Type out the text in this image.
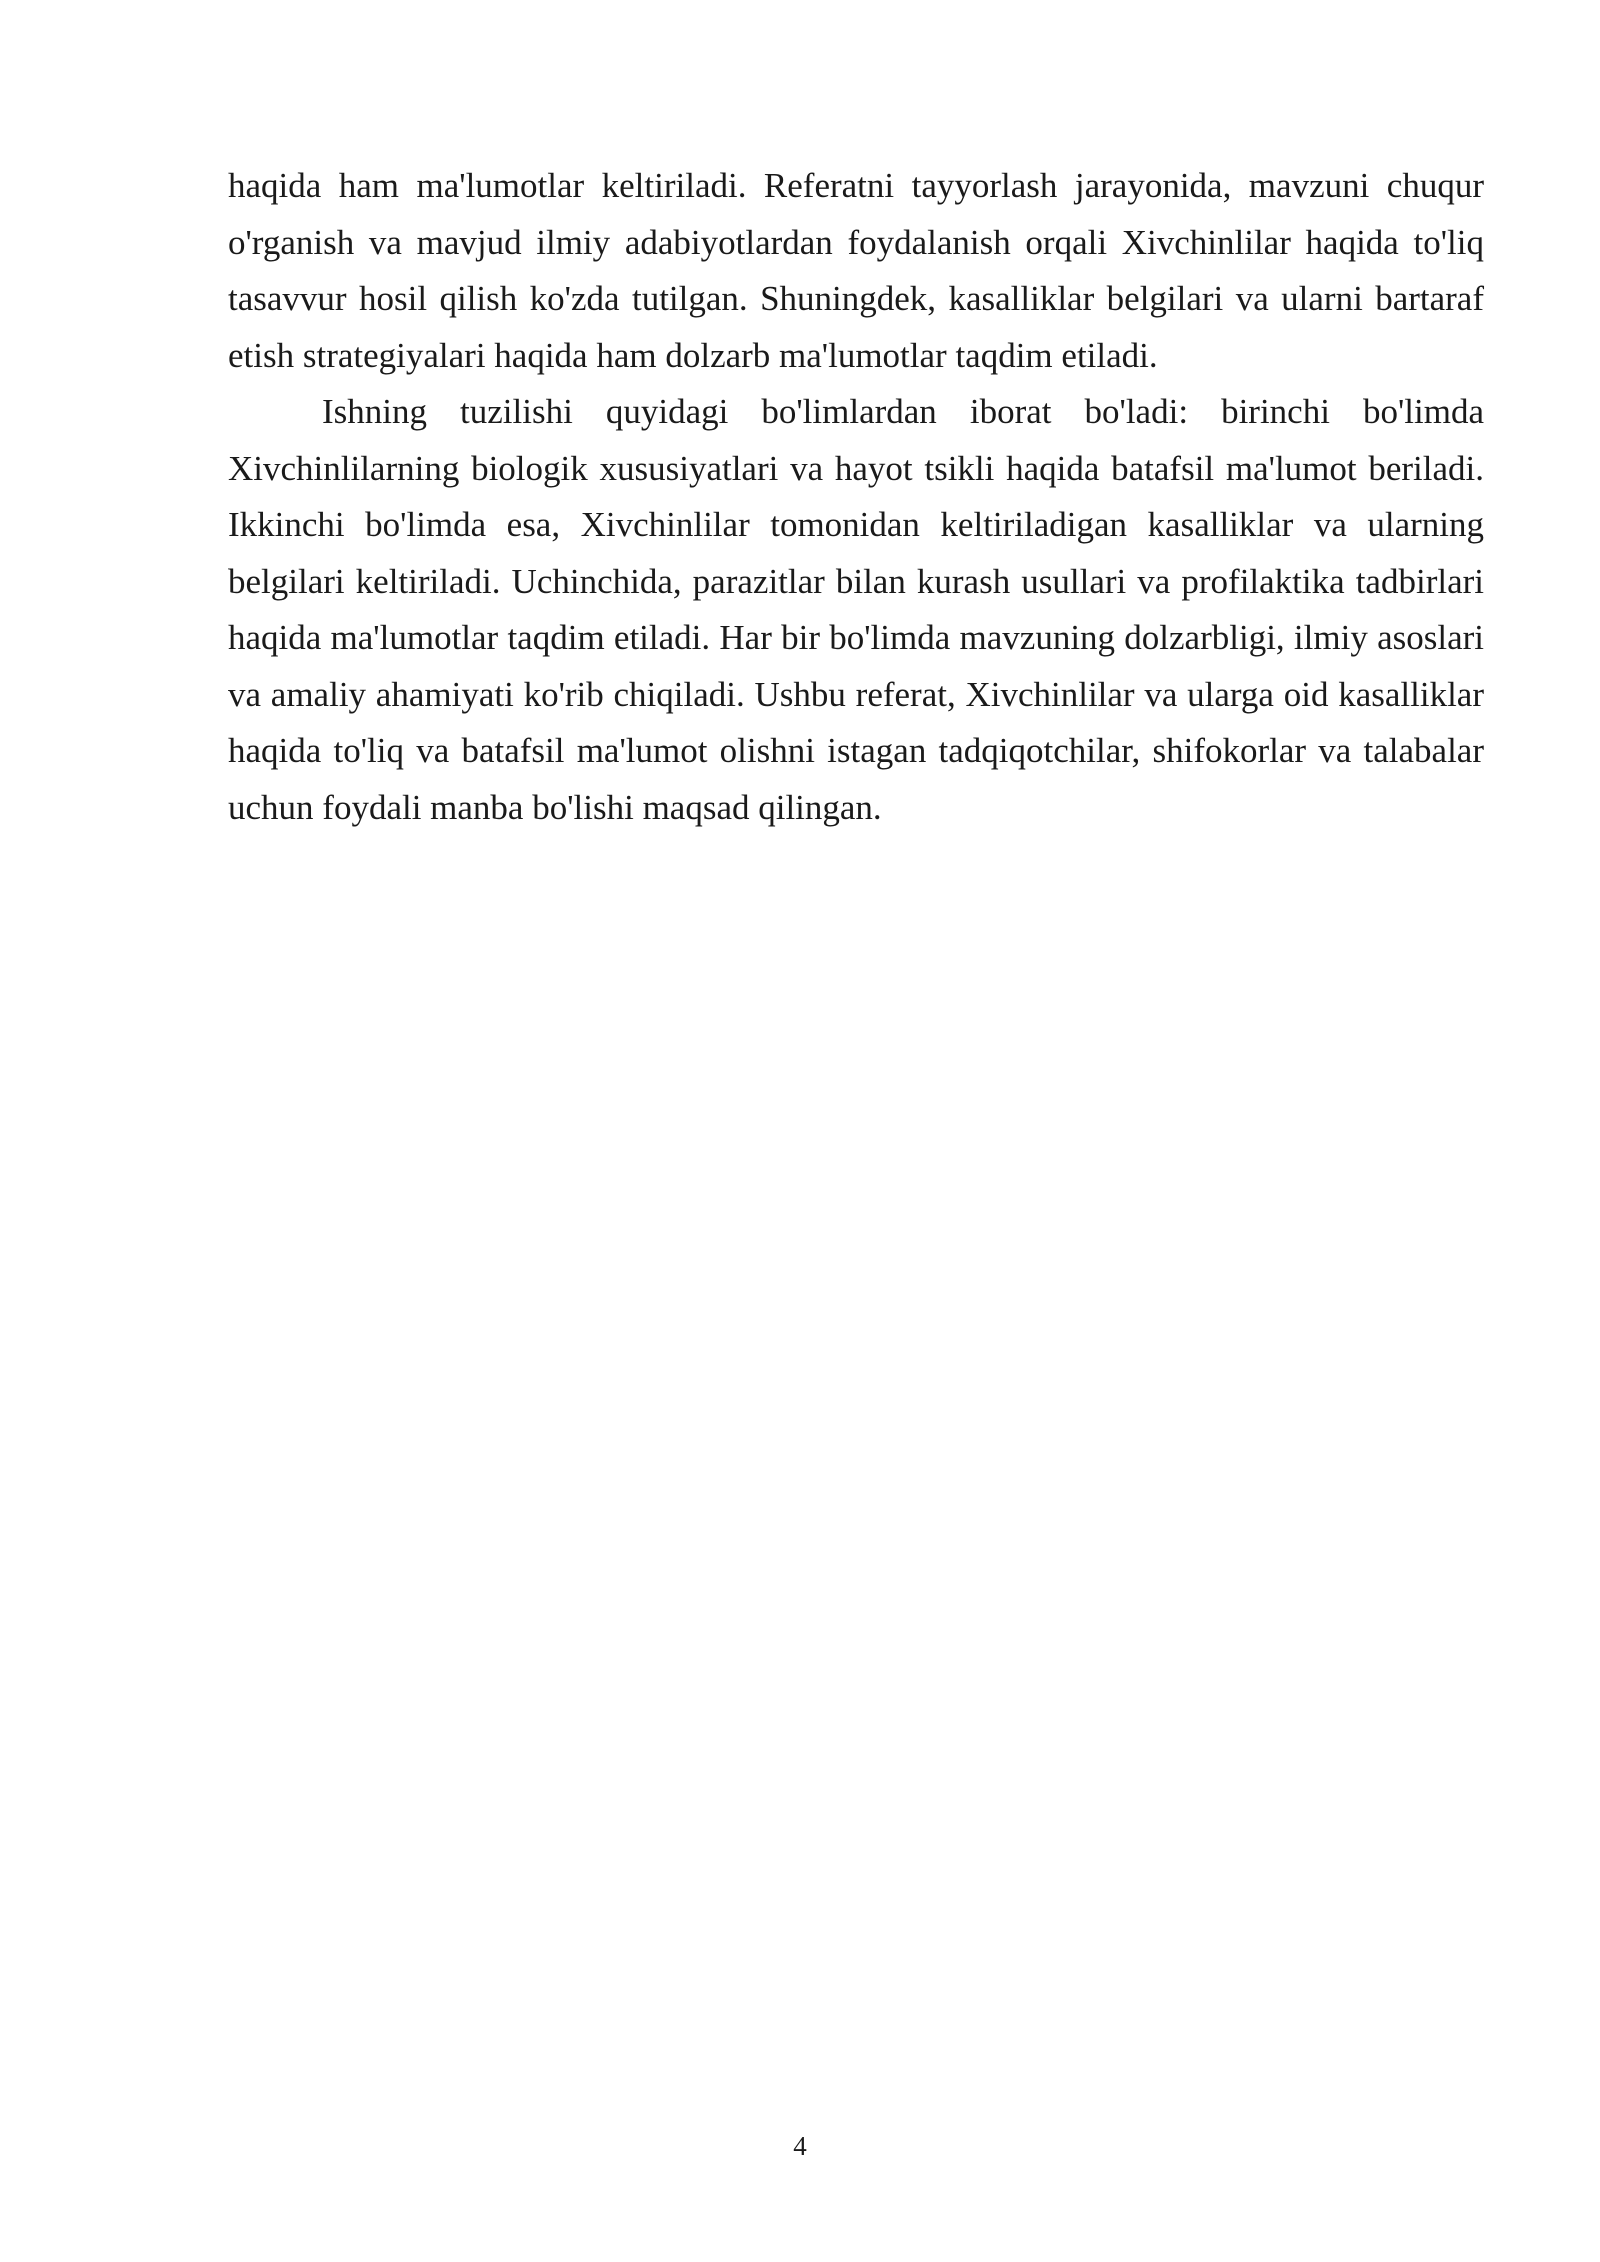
haqida ham ma'lumotlar keltiriladi. Referatni tayyorlash jarayonida, mavzuni chuqur o'rganish va mavjud ilmiy adabiyotlardan foydalanish orqali Xivchinlilar haqida to'liq tasavvur hosil qilish ko'zda tutilgan. Shuningdek, kasalliklar belgilari va ularni bartaraf etish strategiyalari haqida ham dolzarb ma'lumotlar taqdim etiladi.

Ishning tuzilishi quyidagi bo'limlardan iborat bo'ladi: birinchi bo'limda Xivchinlilarning biologik xususiyatlari va hayot tsikli haqida batafsil ma'lumot beriladi. Ikkinchi bo'limda esa, Xivchinlilar tomonidan keltiriladigan kasalliklar va ularning belgilari keltiriladi. Uchinchida, parazitlar bilan kurash usullari va profilaktika tadbirlari haqida ma'lumotlar taqdim etiladi. Har bir bo'limda mavzuning dolzarbligi, ilmiy asoslari va amaliy ahamiyati ko'rib chiqiladi. Ushbu referat, Xivchinlilar va ularga oid kasalliklar haqida to'liq va batafsil ma'lumot olishni istagan tadqiqotchilar, shifokorlar va talabalar uchun foydali manba bo'lishi maqsad qilingan.

4
